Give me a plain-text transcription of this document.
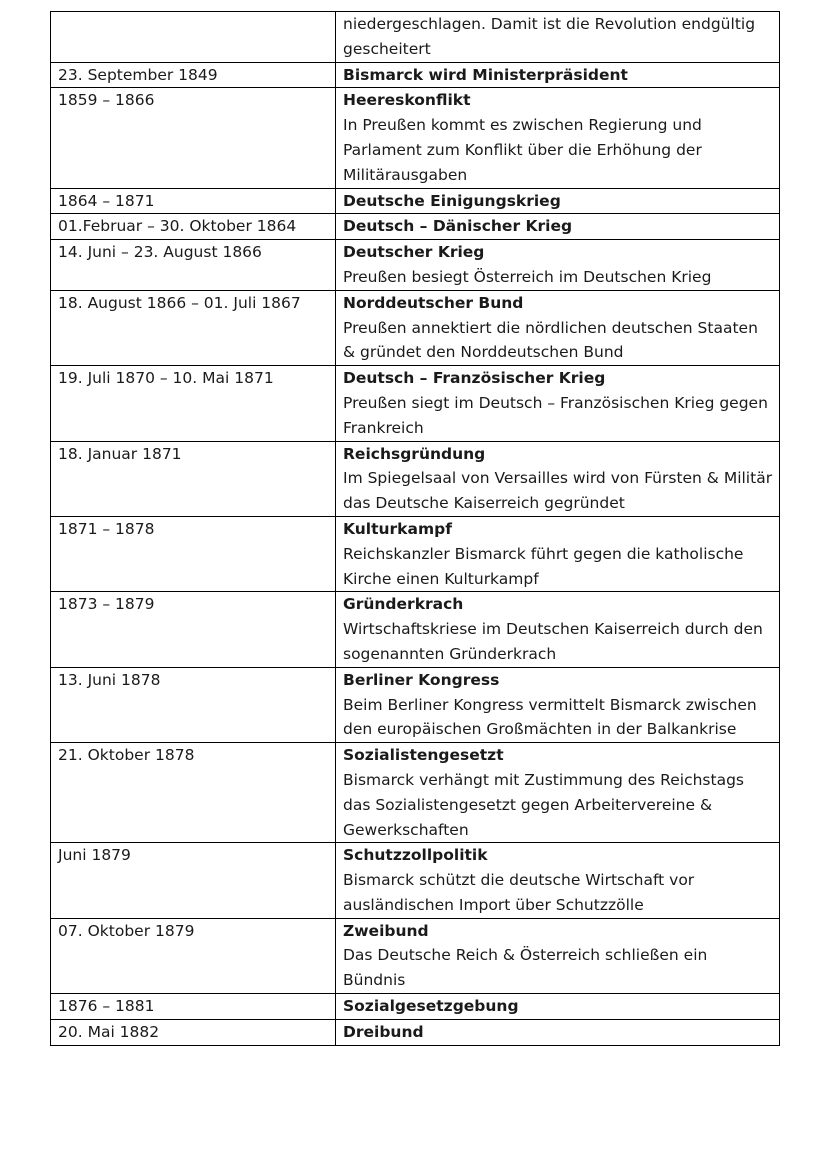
	niedergeschlagen. Damit ist die Revolution endgültig gescheitert

23. September 1849	Bismarck wird Ministerpräsident

1859 – 1866	Heereskonflikt
In Preußen kommt es zwischen Regierung und Parlament zum Konflikt über die Erhöhung der Militärausgaben

1864 – 1871	Deutsche Einigungskrieg

01.Februar – 30. Oktober 1864	Deutsch – Dänischer Krieg

14. Juni – 23. August 1866	Deutscher Krieg
Preußen besiegt Österreich im Deutschen Krieg

18. August 1866 – 01. Juli 1867	Norddeutscher Bund
Preußen annektiert die nördlichen deutschen Staaten & gründet den Norddeutschen Bund

19. Juli 1870 – 10. Mai 1871	Deutsch – Französischer Krieg
Preußen siegt im Deutsch – Französischen Krieg gegen Frankreich

18. Januar 1871	Reichsgründung
Im Spiegelsaal von Versailles wird von Fürsten & Militär das Deutsche Kaiserreich gegründet

1871 – 1878	Kulturkampf
Reichskanzler Bismarck führt gegen die katholische Kirche einen Kulturkampf

1873 – 1879	Gründerkrach
Wirtschaftskriese im Deutschen Kaiserreich durch den sogenannten Gründerkrach

13. Juni 1878	Berliner Kongress
Beim Berliner Kongress vermittelt Bismarck zwischen den europäischen Großmächten in der Balkankrise

21. Oktober 1878	Sozialistengesetzt
Bismarck verhängt mit Zustimmung des Reichstags das Sozialistengesetzt gegen Arbeitervereine & Gewerkschaften

Juni 1879	Schutzzollpolitik
Bismarck schützt die deutsche Wirtschaft vor ausländischen Import über Schutzzölle

07. Oktober 1879	Zweibund
Das Deutsche Reich & Österreich schließen ein Bündnis

1876 – 1881	Sozialgesetzgebung

20. Mai 1882	Dreibund
